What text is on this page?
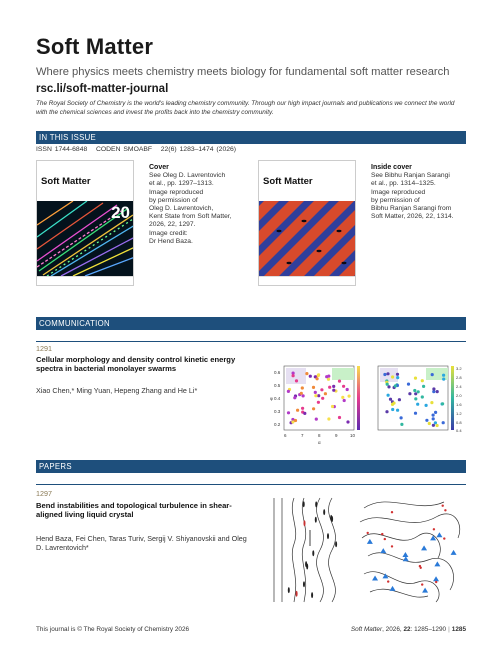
Soft Matter
Where physics meets chemistry meets biology for fundamental soft matter research
rsc.li/soft-matter-journal
The Royal Society of Chemistry is the world's leading chemistry community. Through our high impact journals and publications we connect the world with the chemical sciences and invest the profits back into the chemistry community.
IN THIS ISSUE
ISSN 1744-6848 CODEN SMOABF 22(6) 1283–1474 (2026)
Soft Matter
20
Cover
See Oleg D. Lavrentovich
et al., pp. 1297–1313.
Image reproduced
by permission of
Oleg D. Lavrentovich,
Kent State from Soft Matter,
2026, 22, 1297.
Image credit:
Dr Hend Baza.
Soft Matter
Inside cover
See Bibhu Ranjan Sarangi
et al., pp. 1314–1325.
Image reproduced
by permission of
Bibhu Ranjan Sarangi from
Soft Matter, 2026, 22, 1314.
COMMUNICATION
1291
Cellular morphology and density control kinetic energy spectra in bacterial monolayer swarms
Xiao Chen,* Ming Yuan, Hepeng Zhang and He Li*
0.6
0.5
0.4
0.3
0.2
φ
6	7	8	9	10
α
3.2
2.8
2.4
2.0
1.6
1.2
0.8
0.4
PAPERS
1297
Bend instabilities and topological turbulence in shear-aligned living liquid crystal
Hend Baza, Fei Chen, Taras Turiv, Sergij V. Shiyanovskii and Oleg D. Lavrentovich*
This journal is © The Royal Society of Chemistry 2026	Soft Matter, 2026, 22: 1285–1290 | 1285
